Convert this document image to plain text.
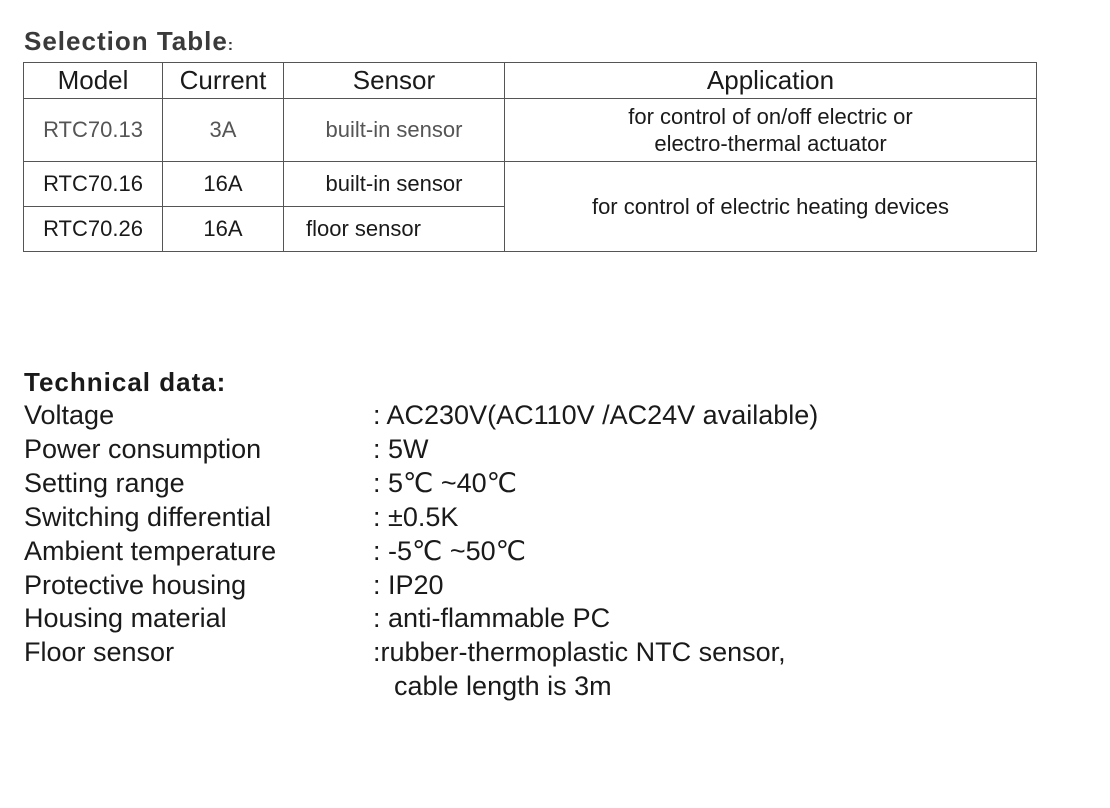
Selection Table:
Model	Current	Sensor	Application
RTC70.13	3A	built-in sensor	for control of on/off electric or
electro-thermal actuator

RTC70.16	16A	built-in sensor	for control of electric heating devices
RTC70.26	16A	floor sensor	
Technical data:
Voltage	: AC230V(AC110V /AC24V available)
Power consumption	: 5W
Setting range	: 5℃ ~40℃
Switching differential	: ±0.5K
Ambient temperature	: -5℃ ~50℃
Protective housing	: IP20
Housing material	: anti-flammable PC
Floor sensor	:rubber-thermoplastic NTC sensor,
cable length is 3m
